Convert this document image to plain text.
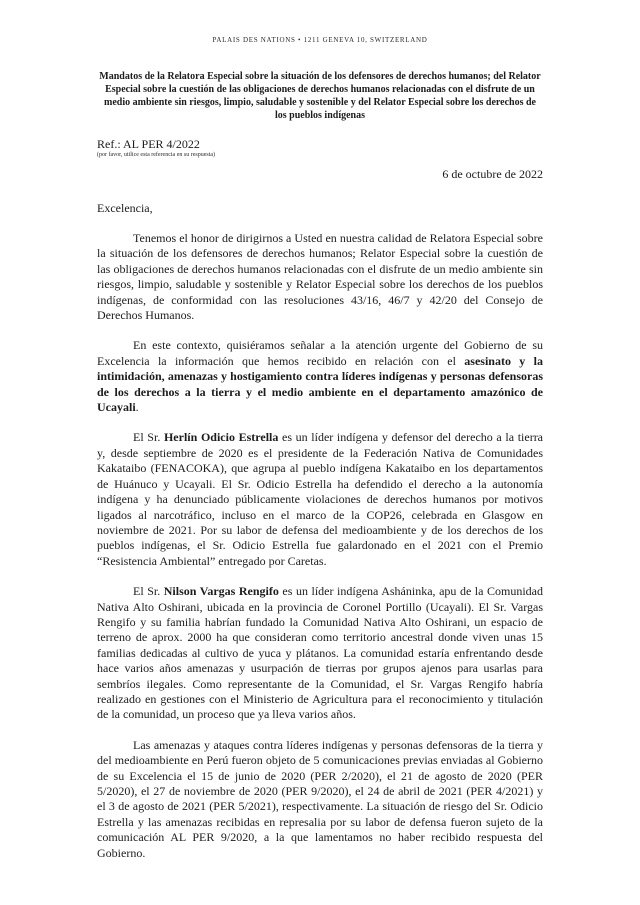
PALAIS DES NATIONS • 1211 GENEVA 10, SWITZERLAND
Mandatos de la Relatora Especial sobre la situación de los defensores de derechos humanos; del Relator Especial sobre la cuestión de las obligaciones de derechos humanos relacionadas con el disfrute de un medio ambiente sin riesgos, limpio, saludable y sostenible y del Relator Especial sobre los derechos de los pueblos indígenas
Ref.: AL PER 4/2022
(por favor, utilice esta referencia en su respuesta)
6 de octubre de 2022
Excelencia,

Tenemos el honor de dirigirnos a Usted en nuestra calidad de Relatora Especial sobre la situación de los defensores de derechos humanos; Relator Especial sobre la cuestión de las obligaciones de derechos humanos relacionadas con el disfrute de un medio ambiente sin riesgos, limpio, saludable y sostenible y Relator Especial sobre los derechos de los pueblos indígenas, de conformidad con las resoluciones 43/16, 46/7 y 42/20 del Consejo de Derechos Humanos.

En este contexto, quisiéramos señalar a la atención urgente del Gobierno de su Excelencia la información que hemos recibido en relación con el asesinato y la intimidación, amenazas y hostigamiento contra líderes indígenas y personas defensoras de los derechos a la tierra y el medio ambiente en el departamento amazónico de Ucayali.

El Sr. Herlín Odicio Estrella es un líder indígena y defensor del derecho a la tierra y, desde septiembre de 2020 es el presidente de la Federación Nativa de Comunidades Kakataibo (FENACOKA), que agrupa al pueblo indígena Kakataibo en los departamentos de Huánuco y Ucayali. El Sr. Odicio Estrella ha defendido el derecho a la autonomía indígena y ha denunciado públicamente violaciones de derechos humanos por motivos ligados al narcotráfico, incluso en el marco de la COP26, celebrada en Glasgow en noviembre de 2021. Por su labor de defensa del medioambiente y de los derechos de los pueblos indígenas, el Sr. Odicio Estrella fue galardonado en el 2021 con el Premio “Resistencia Ambiental” entregado por Caretas.

El Sr. Nilson Vargas Rengifo es un líder indígena Asháninka, apu de la Comunidad Nativa Alto Oshirani, ubicada en la provincia de Coronel Portillo (Ucayali). El Sr. Vargas Rengifo y su familia habrían fundado la Comunidad Nativa Alto Oshirani, un espacio de terreno de aprox. 2000 ha que consideran como territorio ancestral donde viven unas 15 familias dedicadas al cultivo de yuca y plátanos. La comunidad estaría enfrentando desde hace varios años amenazas y usurpación de tierras por grupos ajenos para usarlas para sembríos ilegales. Como representante de la Comunidad, el Sr. Vargas Rengifo habría realizado en gestiones con el Ministerio de Agricultura para el reconocimiento y titulación de la comunidad, un proceso que ya lleva varios años.

Las amenazas y ataques contra líderes indígenas y personas defensoras de la tierra y del medioambiente en Perú fueron objeto de 5 comunicaciones previas enviadas al Gobierno de su Excelencia el 15 de junio de 2020 (PER 2/2020), el 21 de agosto de 2020 (PER 5/2020), el 27 de noviembre de 2020 (PER 9/2020), el 24 de abril de 2021 (PER 4/2021) y el 3 de agosto de 2021 (PER 5/2021), respectivamente. La situación de riesgo del Sr. Odicio Estrella y las amenazas recibidas en represalia por su labor de defensa fueron sujeto de la comunicación AL PER 9/2020, a la que lamentamos no haber recibido respuesta del Gobierno.
